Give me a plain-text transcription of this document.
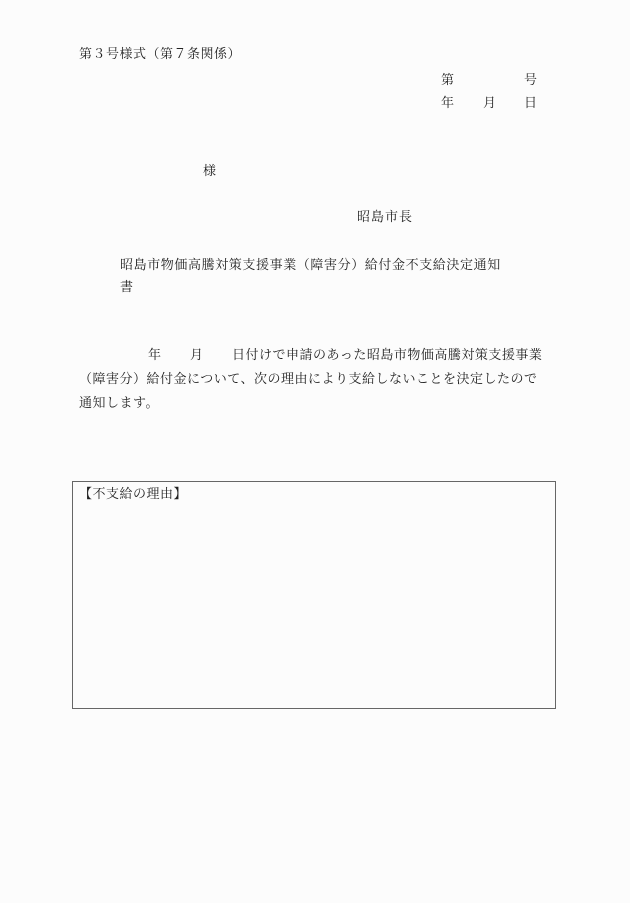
第３号様式（第７条関係）
第	号
年 月 日
様
昭島市長
昭島市物価高騰対策支援事業（障害分）給付金不支給決定通知
書
年 月 日付けで申請のあった昭島市物価高騰対策支援事業
（障害分）給付金について、次の理由により支給しないことを決定したので
通知します。
【不支給の理由】
